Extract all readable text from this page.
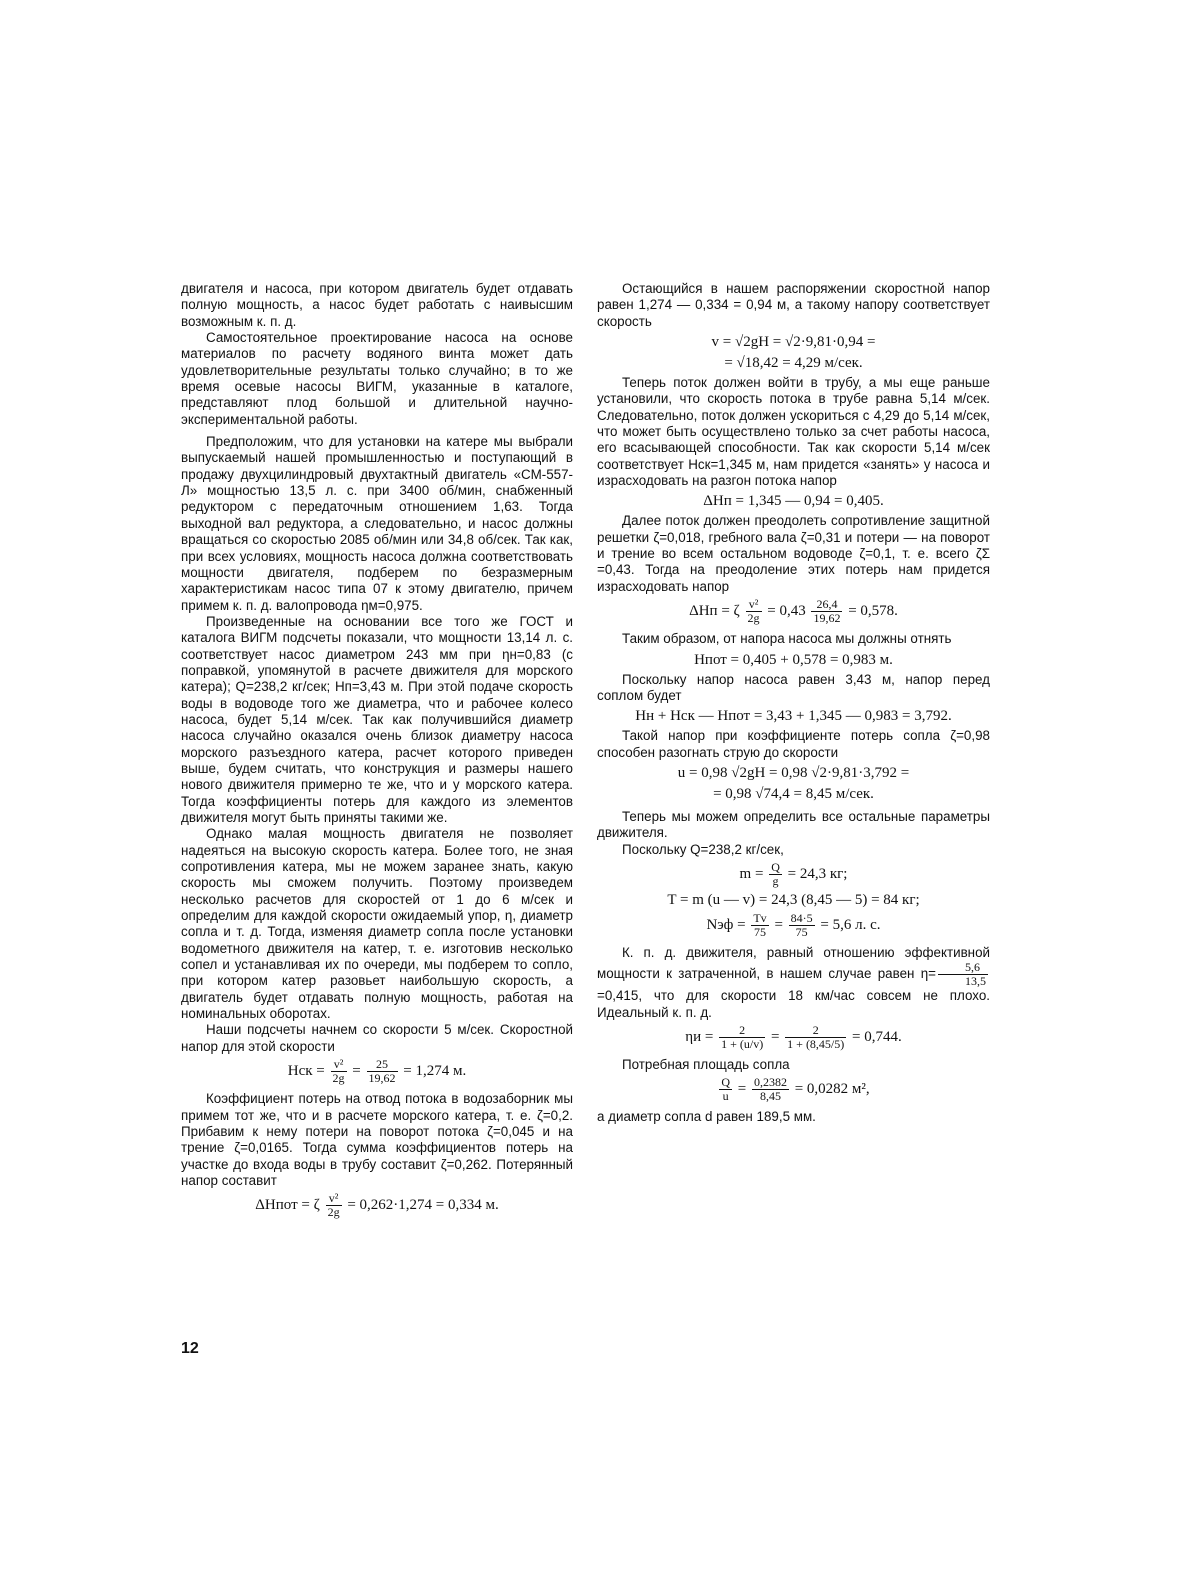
двигателя и насоса, при котором двигатель будет отдавать полную мощность, а насос будет работать с наивысшим возможным к. п. д.

Самостоятельное проектирование насоса на основе материалов по расчету водяного винта может дать удовлетворительные результаты только случайно; в то же время осевые насосы ВИГМ, указанные в каталоге, представляют плод большой и длительной научно-экспериментальной работы.

Предположим, что для установки на катере мы выбрали выпускаемый нашей промышленностью и поступающий в продажу двухцилиндровый двухтактный двигатель «СМ-557-Л» мощностью 13,5 л. с. при 3400 об/мин, снабженный редуктором с передаточным отношением 1,63. Тогда выходной вал редуктора, а следовательно, и насос должны вращаться со скоростью 2085 об/мин или 34,8 об/сек. Так как, при всех условиях, мощность насоса должна соответствовать мощности двигателя, подберем по безразмерным характеристикам насос типа 07 к этому двигателю, причем примем к. п. д. валопровода ηм=0,975.

Произведенные на основании все того же ГОСТ и каталога ВИГМ подсчеты показали, что мощности 13,14 л. с. соответствует насос диаметром 243 мм при ηн=0,83 (с поправкой, упомянутой в расчете движителя для морского катера); Q=238,2 кг/сек; Hп=3,43 м. При этой подаче скорость воды в водоводе того же диаметра, что и рабочее колесо насоса, будет 5,14 м/сек. Так как получившийся диаметр насоса случайно оказался очень близок диаметру насоса морского разъездного катера, расчет которого приведен выше, будем считать, что конструкция и размеры нашего нового движителя примерно те же, что и у морского катера. Тогда коэффициенты потерь для каждого из элементов движителя могут быть приняты такими же.

Однако малая мощность двигателя не позволяет надеяться на высокую скорость катера. Более того, не зная сопротивления катера, мы не можем заранее знать, какую скорость мы сможем получить. Поэтому произведем несколько расчетов для скоростей от 1 до 6 м/сек и определим для каждой скорости ожидаемый упор, η, диаметр сопла и т. д. Тогда, изменяя диаметр сопла после установки водометного движителя на катер, т. е. изготовив несколько сопел и устанавливая их по очереди, мы подберем то сопло, при котором катер разовьет наибольшую скорость, а двигатель будет отдавать полную мощность, работая на номинальных оборотах.

Наши подсчеты начнем со скорости 5 м/сек. Скоростной напор для этой скорости

Hск = $\frac{\text{v²}}{2g} = \frac{25}{19,62} = 1,274$ м.

Коэффициент потерь на отвод потока в водозаборник мы примем тот же, что и в расчете морского катера, т. е. ζ=0,2. Прибавим к нему потери на поворот потока ζ=0,045 и на трение ζ=0,0165. Тогда сумма коэффициентов потерь на участке до входа воды в трубу составит ζ=0,262. Потерянный напор составит

ΔHпот = ζ $\frac{\text{v²}}{2g} = 0,262\cdot 1,274 = 0,334$ м.

Остающийся в нашем распоряжении скоростной напор равен 1,274 — 0,334 = 0,94 м, а такому напору соответствует скорость

v = √2gH = √2·9,81·0,94 =
= √18,42 = 4,29 м/сек.

Теперь поток должен войти в трубу, а мы еще раньше установили, что скорость потока в трубе равна 5,14 м/сек. Следовательно, поток должен ускориться с 4,29 до 5,14 м/сек, что может быть осуществлено только за счет работы насоса, его всасывающей способности. Так как скорости 5,14 м/сек соответствует Hск=1,345 м, нам придется «занять» у насоса и израсходовать на разгон потока напор

ΔHп = 1,345 — 0,94 = 0,405.

Далее поток должен преодолеть сопротивление защитной решетки ζ=0,018, гребного вала ζ=0,31 и потери — на поворот и трение во всем остальном водоводе ζ=0,1, т. е. всего ζΣ =0,43. Тогда на преодоление этих потерь нам придется израсходовать напор

ΔHп = ζ $\frac{\text{v²}}{2g} = 0,43 \frac{26,4}{19,62} = 0,578$.

Таким образом, от напора насоса мы должны отнять

Hпот = 0,405 + 0,578 = 0,983 м.

Поскольку напор насоса равен 3,43 м, напор перед соплом будет

Hн + Hск — Hпот = 3,43 + 1,345 — 0,983 = 3,792.

Такой напор при коэффициенте потерь сопла ζ=0,98 способен разогнать струю до скорости

u = 0,98 √2gH = 0,98 √2·9,81·3,792 =
= 0,98 √74,4 = 8,45 м/сек.

Теперь мы можем определить все остальные параметры движителя.

Поскольку Q=238,2 кг/сек,

$m = \frac{Q}{g} = 24,3$ кг;
T = m (u — v) = 24,3 (8,45 — 5) = 84 кг;
Nэф = $\frac{Tv}{75} = \frac{84\cdot 5}{75} = 5,6$ л. с.

К. п. д. движителя, равный отношению эффективной мощности к затраченной, в нашем случае равен $\eta= \frac{5,6}{13,5}$
=0,415, что для скорости 18 км/час совсем не плохо. Идеальный к. п. д.

$\eta и = \frac{2}{1 + (u/v)} = \frac{2}{1 + (8,45/5)} = 0,744$.

Потребная площадь сопла

$\frac{Q}{u} = \frac{0,2382}{8,45} = 0,0282$ м²,

а диаметр сопла d равен 189,5 мм.

12
